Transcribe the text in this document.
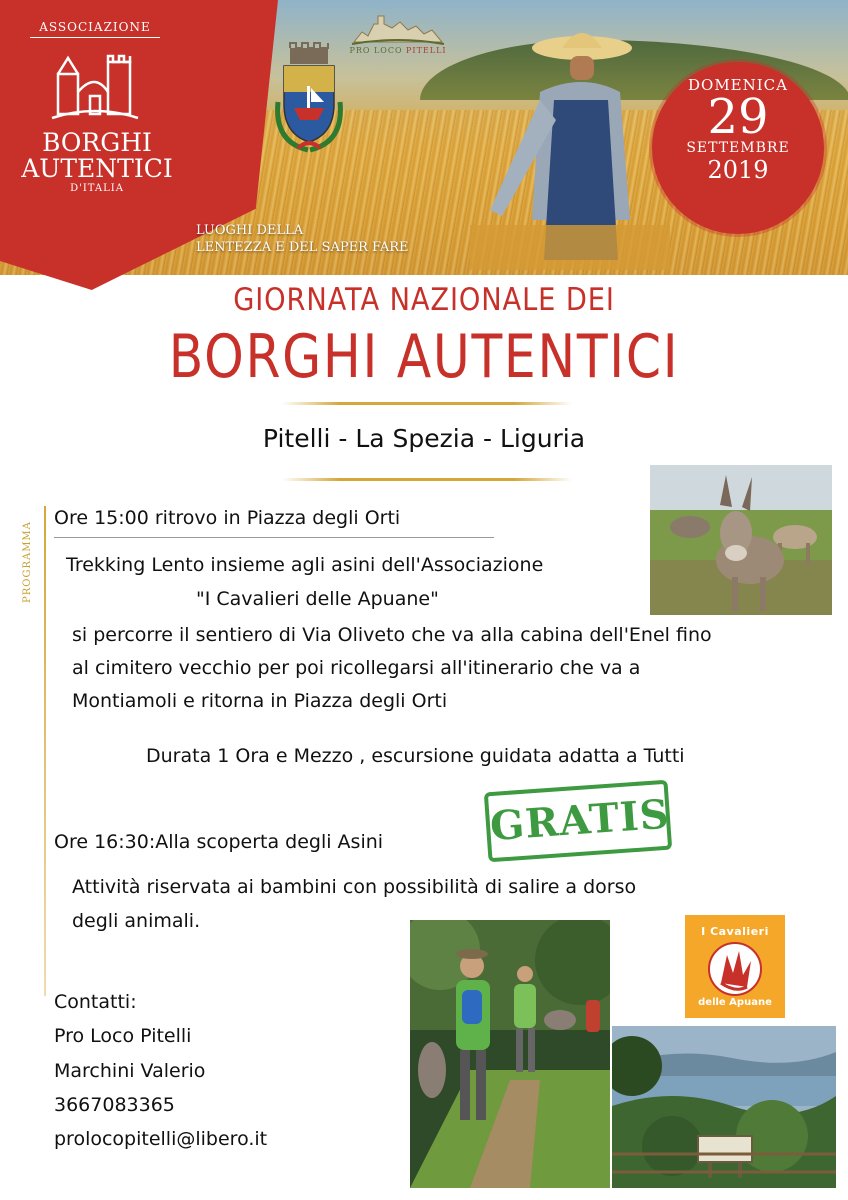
ASSOCIAZIONE
BORGHI
AUTENTICI
D'ITALIA
LUOGHI DELLA
LENTEZZA E DEL SAPER FARE
PRO LOCO PITELLI
DOMENICA
29
SETTEMBRE
2019
GIORNATA NAZIONALE DEI
BORGHI AUTENTICI
Pitelli - La Spezia - Liguria
PROGRAMMA
Ore 15:00 ritrovo in Piazza degli Orti
Trekking Lento insieme agli asini dell'Associazione
"I Cavalieri delle Apuane"
si percorre il sentiero di Via Oliveto che va alla cabina dell'Enel fino
al cimitero vecchio per poi ricollegarsi all'itinerario che va a
Montiamoli e ritorna in Piazza degli Orti
Durata 1 Ora e Mezzo , escursione guidata adatta a Tutti
GRATIS
Ore 16:30:Alla scoperta degli Asini
Attività riservata ai bambini con possibilità di salire a dorso
degli animali.
Contatti:
Pro Loco Pitelli
Marchini Valerio
3667083365
prolocopitelli@libero.it
I Cavalieri
delle Apuane
